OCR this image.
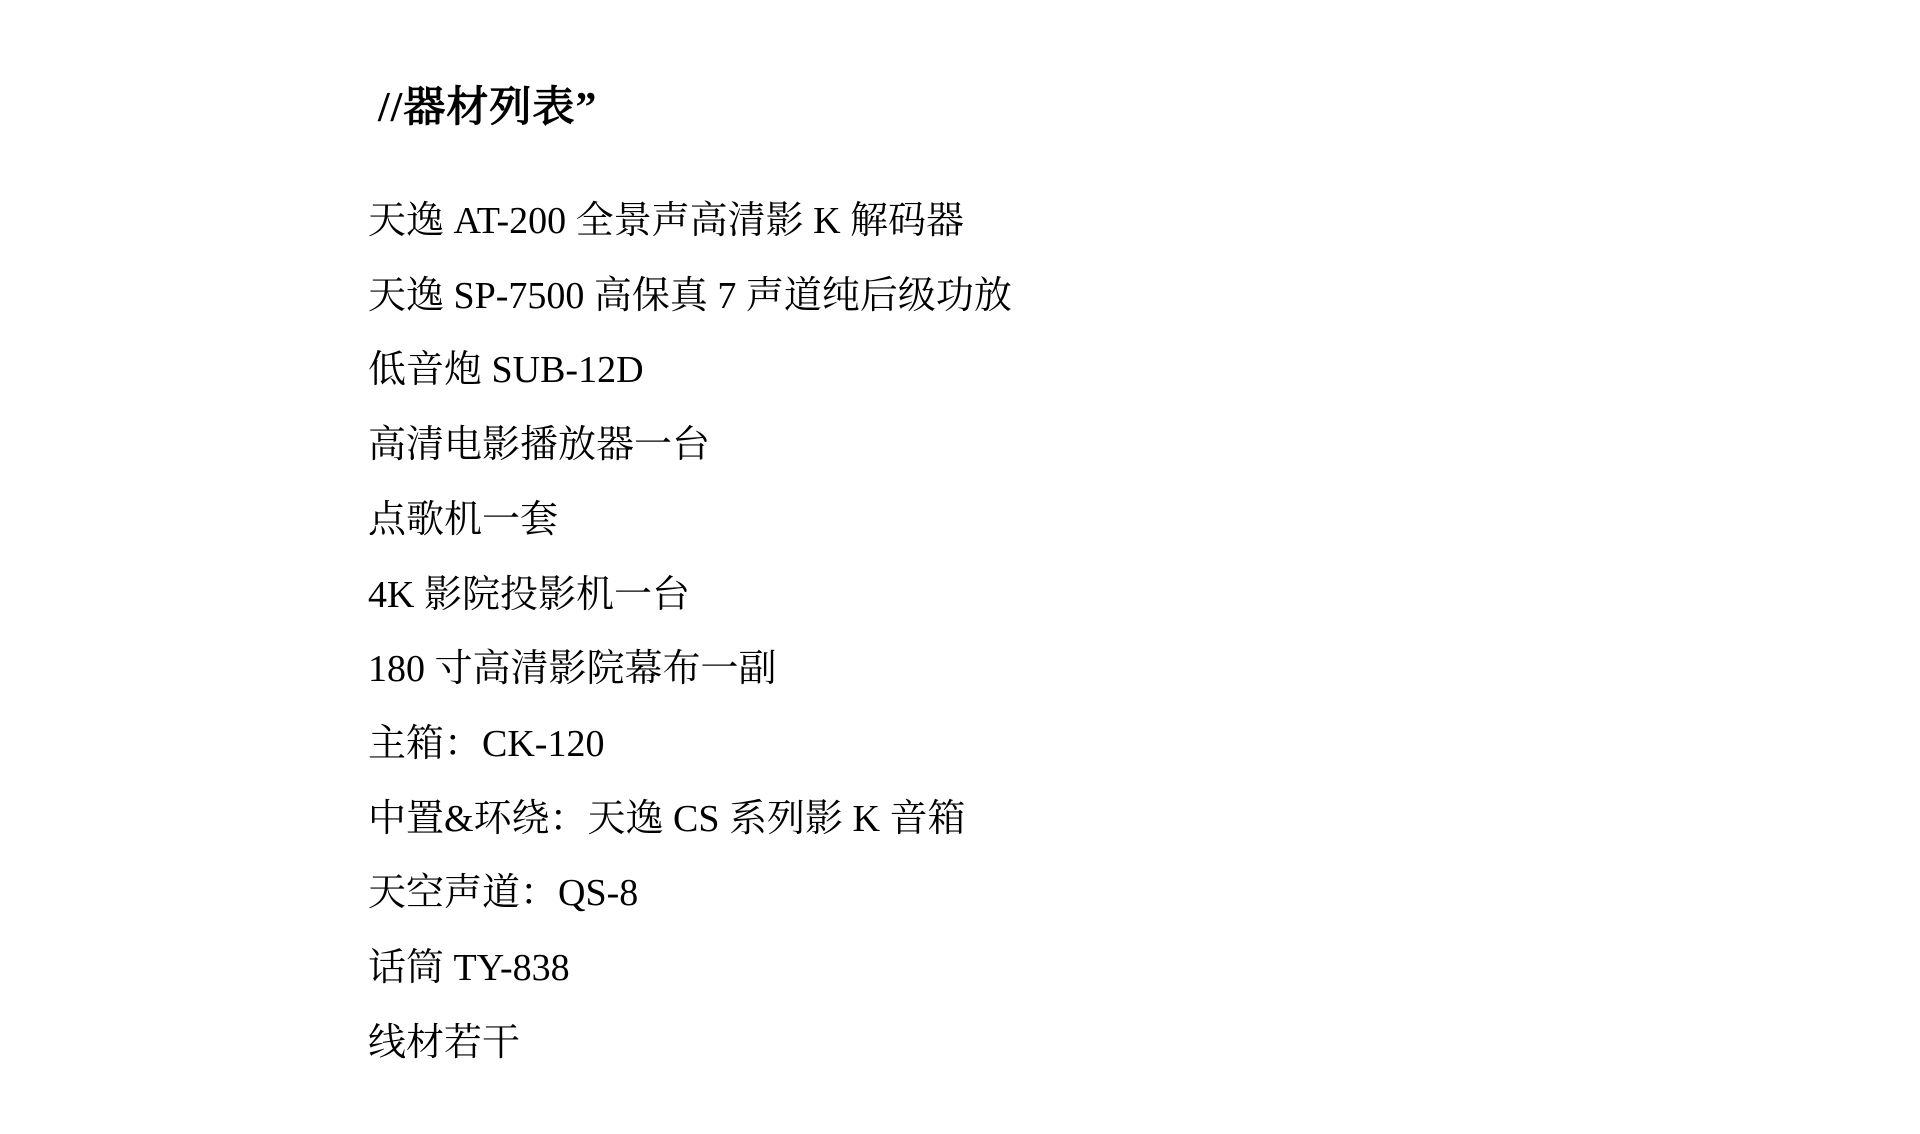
//器材列表”

天逸 AT-200 全景声高清影 K 解码器

天逸 SP-7500 高保真 7 声道纯后级功放

低音炮 SUB-12D

高清电影播放器一台

点歌机一套

4K 影院投影机一台

180 寸高清影院幕布一副

主箱：CK-120

中置&环绕：天逸 CS 系列影 K 音箱

天空声道：QS-8

话筒 TY-838

线材若干
